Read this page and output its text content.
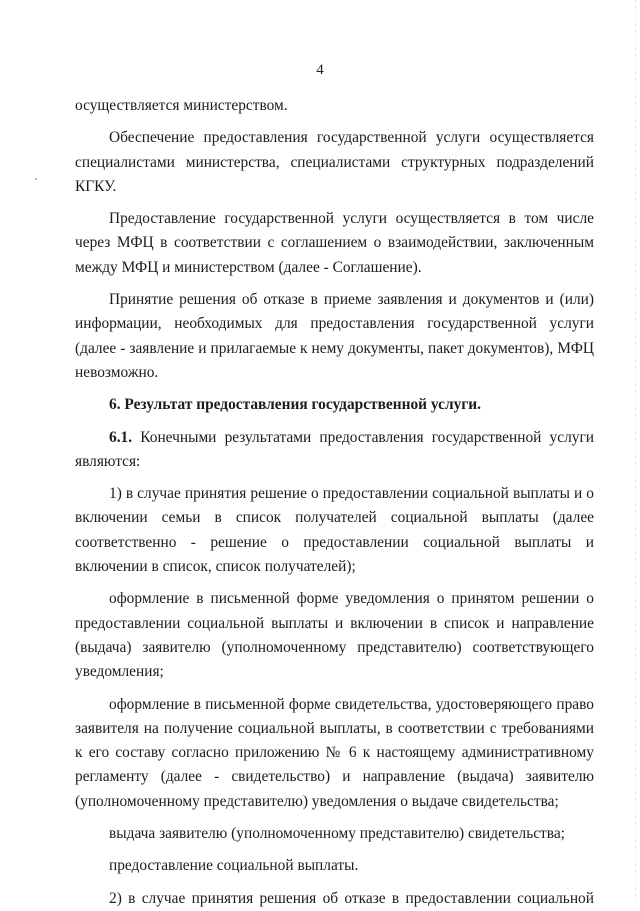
4

осуществляется министерством.

Обеспечение предоставления государственной услуги осуществляется специалистами министерства, специалистами структурных подразделений КГКУ.

Предоставление государственной услуги осуществляется в том числе через МФЦ в соответствии с соглашением о взаимодействии, заключенным между МФЦ и министерством (далее - Соглашение).

Принятие решения об отказе в приеме заявления и документов и (или) информации, необходимых для предоставления государственной услуги (далее - заявление и прилагаемые к нему документы, пакет документов), МФЦ невозможно.

6. Результат предоставления государственной услуги.

6.1. Конечными результатами предоставления государственной услуги являются:

1) в случае принятия решение о предоставлении социальной выплаты и о включении семьи в список получателей социальной выплаты (далее соответственно - решение о предоставлении социальной выплаты и включении в список, список получателей);

оформление в письменной форме уведомления о принятом решении о предоставлении социальной выплаты и включении в список и направление (выдача) заявителю (уполномоченному представителю) соответствующего уведомления;

оформление в письменной форме свидетельства, удостоверяющего право заявителя на получение социальной выплаты, в соответствии с требованиями к его составу согласно приложению № 6 к настоящему административному регламенту (далее - свидетельство) и направление (выдача) заявителю (уполномоченному представителю) уведомления о выдаче свидетельства;

выдача заявителю (уполномоченному представителю) свидетельства;

предоставление социальной выплаты.

2) в случае принятия решения об отказе в предоставлении социальной
